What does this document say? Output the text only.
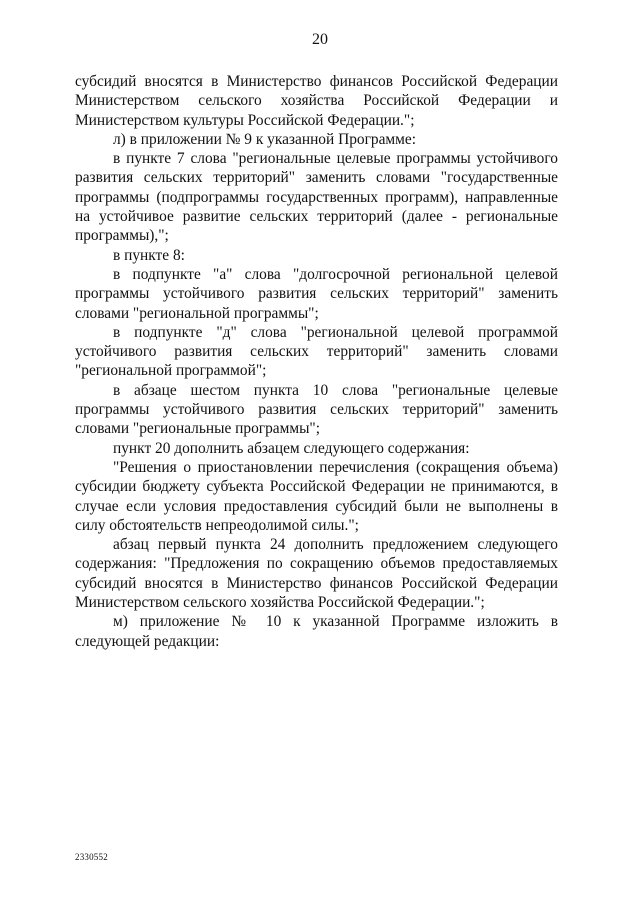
20

субсидий вносятся в Министерство финансов Российской Федерации Министерством сельского хозяйства Российской Федерации и Министерством культуры Российской Федерации.";

л) в приложении № 9 к указанной Программе:

в пункте 7 слова "региональные целевые программы устойчивого развития сельских территорий" заменить словами "государственные программы (подпрограммы государственных программ), направленные на устойчивое развитие сельских территорий (далее - региональные программы),";

в пункте 8:

в подпункте "а" слова "долгосрочной региональной целевой программы устойчивого развития сельских территорий" заменить словами "региональной программы";

в подпункте "д" слова "региональной целевой программой устойчивого развития сельских территорий" заменить словами "региональной программой";

в абзаце шестом пункта 10 слова "региональные целевые программы устойчивого развития сельских территорий" заменить словами "региональные программы";

пункт 20 дополнить абзацем следующего содержания:

"Решения о приостановлении перечисления (сокращения объема) субсидии бюджету субъекта Российской Федерации не принимаются, в случае если условия предоставления субсидий были не выполнены в силу обстоятельств непреодолимой силы.";

абзац первый пункта 24 дополнить предложением следующего содержания: "Предложения по сокращению объемов предоставляемых субсидий вносятся в Министерство финансов Российской Федерации Министерством сельского хозяйства Российской Федерации.";

м) приложение № 10 к указанной Программе изложить в следующей редакции:

2330552
